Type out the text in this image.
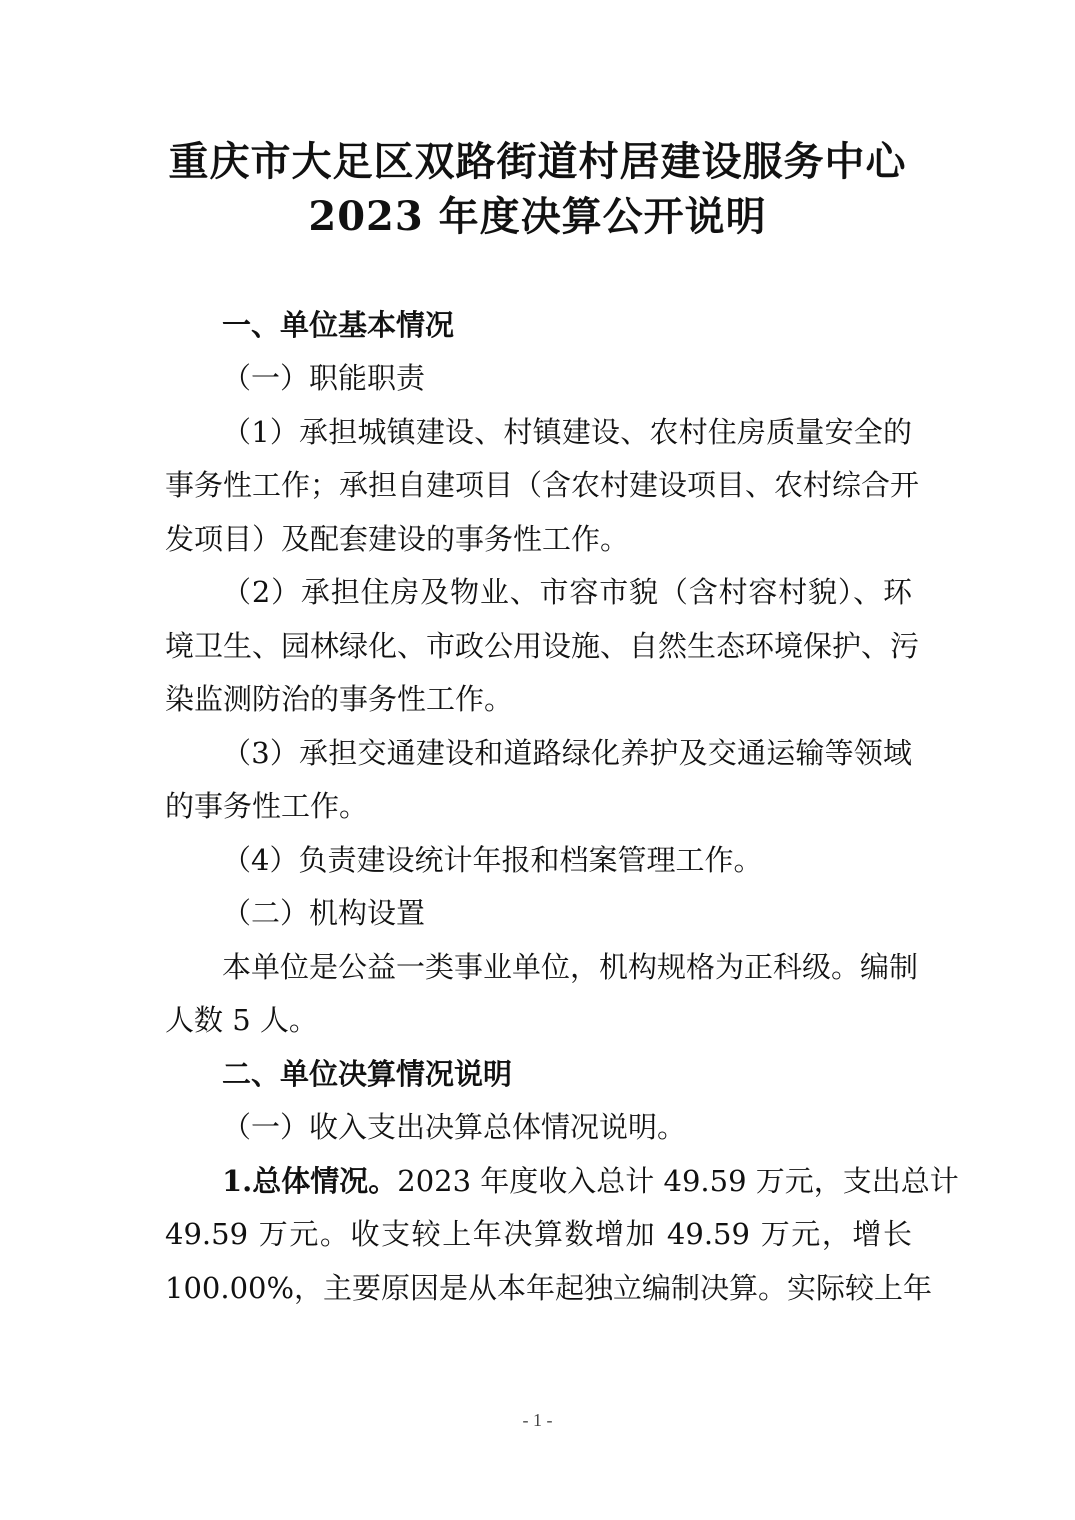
重庆市大足区双路街道村居建设服务中心
2023 年度决算公开说明
一、单位基本情况
（一）职能职责
（1）承担城镇建设、村镇建设、农村住房质量安全的
事务性工作；承担自建项目（含农村建设项目、农村综合开
发项目）及配套建设的事务性工作。
（2）承担住房及物业、市容市貌（含村容村貌）、环
境卫生、园林绿化、市政公用设施、自然生态环境保护、污
染监测防治的事务性工作。
（3）承担交通建设和道路绿化养护及交通运输等领域
的事务性工作。
（4）负责建设统计年报和档案管理工作。
（二）机构设置
本单位是公益一类事业单位，机构规格为正科级。编制
人数 5 人。
二、单位决算情况说明
（一）收入支出决算总体情况说明。
1.总体情况。2023 年度收入总计 49.59 万元，支出总计
49.59 万元。收支较上年决算数增加 49.59 万元，增长
100.00%，主要原因是从本年起独立编制决算。实际较上年
- 1 -
